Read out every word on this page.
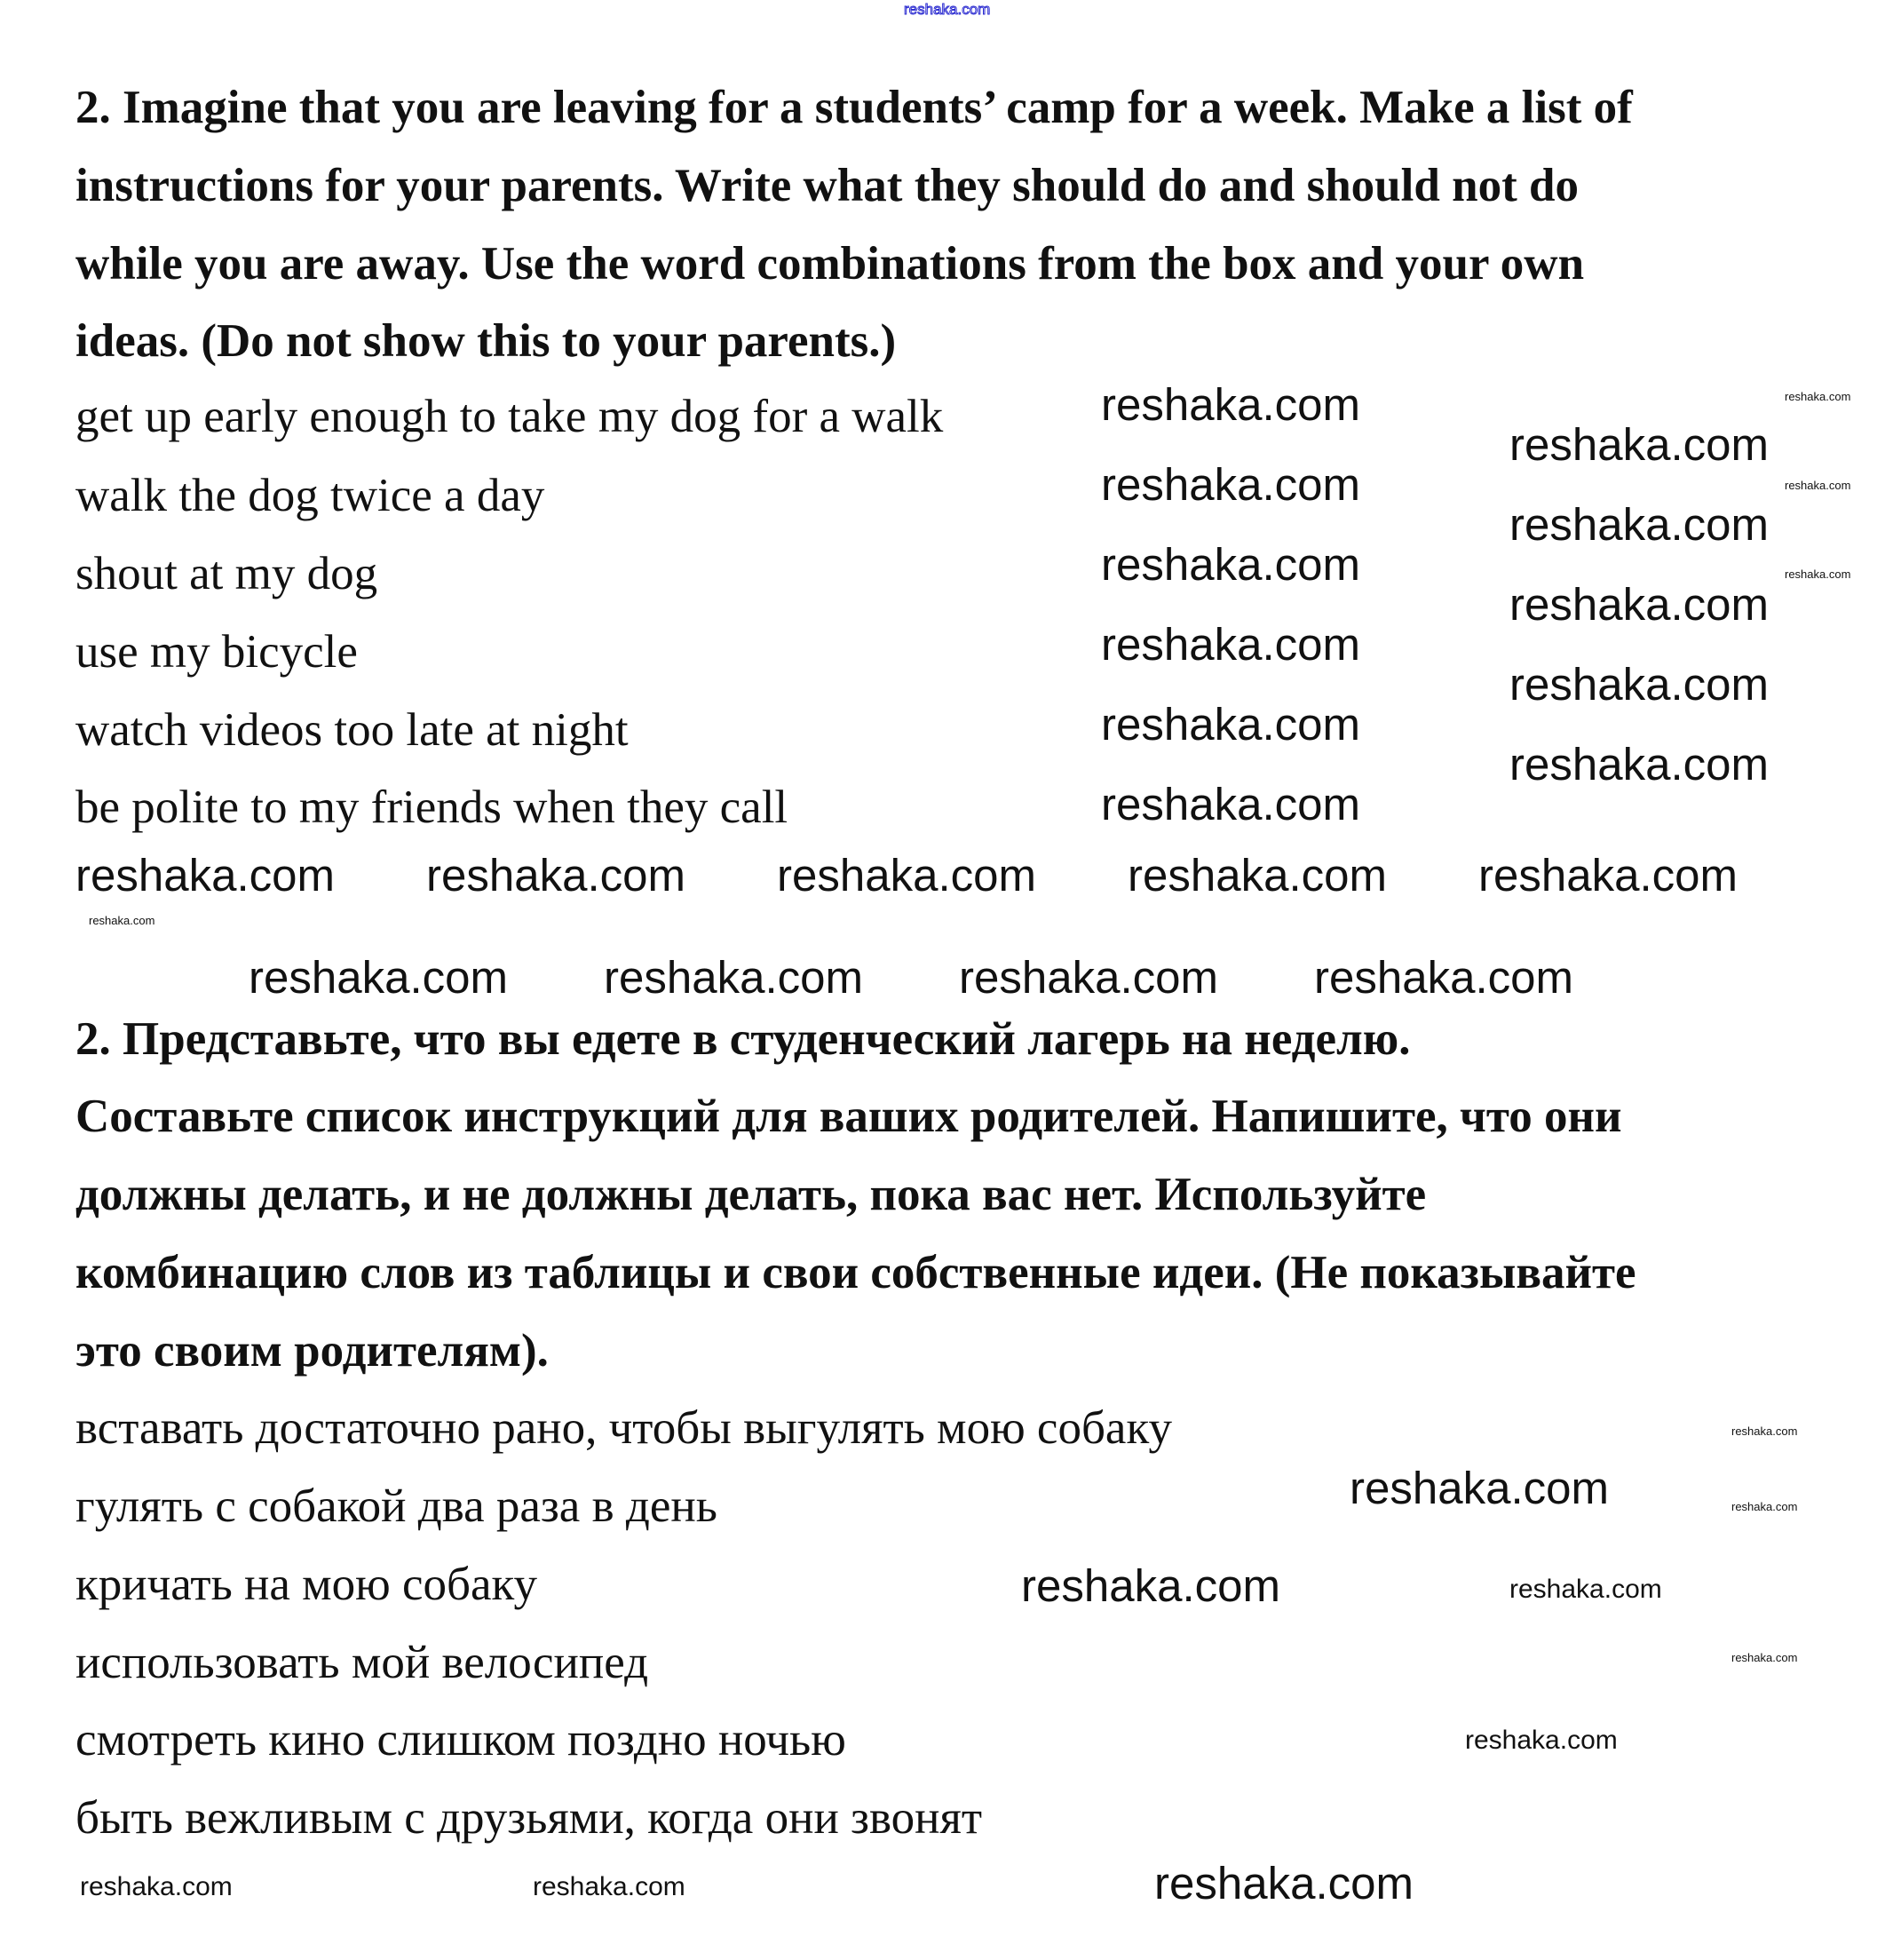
reshaka.com
2. Imagine that you are leaving for a students’ camp for a week. Make a list of
instructions for your parents. Write what they should do and should not do
while you are away. Use the word combinations from the box and your own
ideas. (Do not show this to your parents.)
get up early enough to take my dog for a walk
walk the dog twice a day
shout at my dog
use my bicycle
watch videos too late at night
be polite to my friends when they call
2. Представьте, что вы едете в студенческий лагерь на неделю.
Составьте список инструкций для ваших родителей. Напишите, что они
должны делать, и не должны делать, пока вас нет. Используйте
комбинацию слов из таблицы и свои собственные идеи. (Не показывайте
это своим родителям).
вставать достаточно рано, чтобы выгулять мою собаку
гулять с собакой два раза в день
кричать на мою собаку
использовать мой велосипед
смотреть кино слишком поздно ночью
быть вежливым с друзьями, когда они звонят
reshaka.com
reshaka.com
reshaka.com
reshaka.com
reshaka.com
reshaka.com
reshaka.com
reshaka.com
reshaka.com
reshaka.com
reshaka.com
reshaka.com reshaka.com reshaka.com reshaka.com reshaka.com
reshaka.com reshaka.com reshaka.com reshaka.com
reshaka.com
reshaka.com
reshaka.com
reshaka.com
reshaka.com
reshaka.com	reshaka.com
reshaka.com
reshaka.com
reshaka.com
reshaka.com
reshaka.com
reshaka.com
reshaka.com
